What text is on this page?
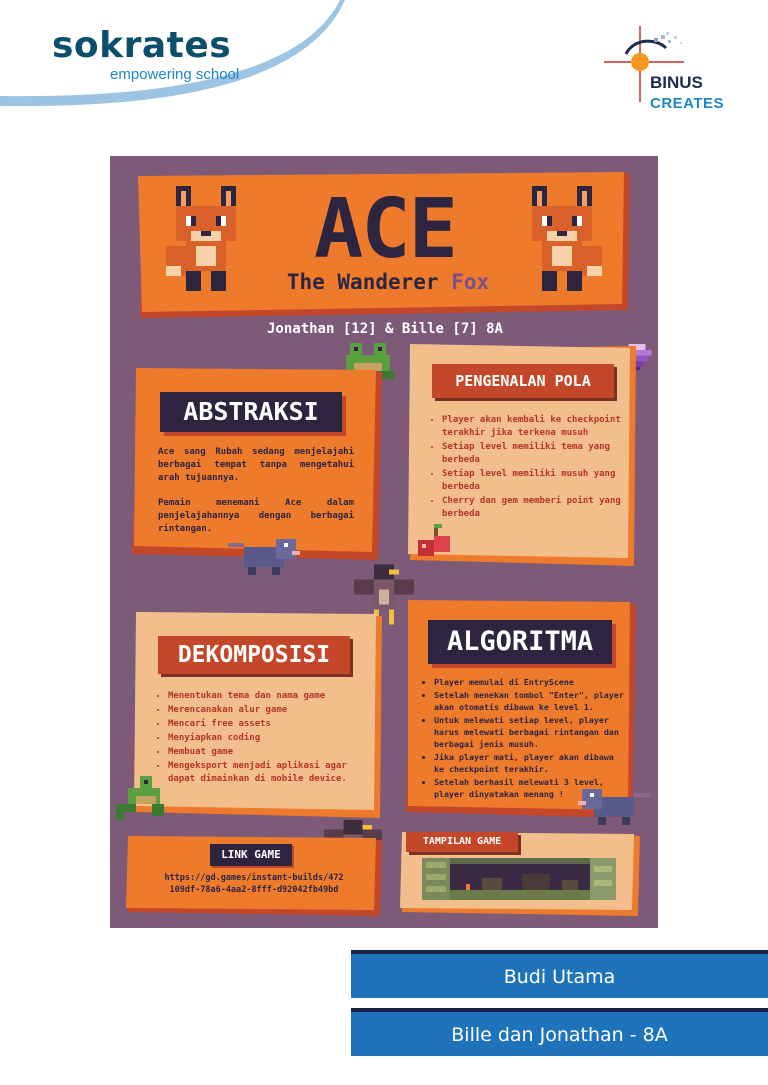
sokrates
empowering school	BINUS
CREATES
ACE
The Wanderer Fox
Jonathan [12] & Bille [7] 8A
ABSTRAKSI

Ace sang Rubah sedang menjelajahi berbagai tempat tanpa mengetahui arah tujuannya.

Pemain menemani Ace dalam penjelajahannya dengan berbagai rintangan.

PENGENALAN POLA
• Player akan kembali ke checkpoint terakhir jika terkena musuh
• Setiap level memiliki tema yang berbeda
• Setiap level memiliki musuh yang berbeda
• Cherry dan gem memberi point yang berbeda
DEKOMPOSISI
• Menentukan tema dan nama game
• Merencanakan alur game
• Mencari free assets
• Menyiapkan coding
• Membuat game
• Mengeksport menjadi aplikasi agar dapat dimainkan di mobile device.
ALGORITMA
• Player memulai di EntryScene
• Setelah menekan tombol "Enter", player akan otomatis dibawa ke level 1.
• Untuk melewati setiap level, player harus melewati berbagai rintangan dan berbagai jenis musuh.
• Jika player mati, player akan dibawa ke checkpoint terakhir.
• Setelah berhasil melewati 3 level, player dinyatakan menang !
LINK GAME
https://gd.games/instant-builds/472109df-78a6-4aa2-8fff-d92042fb49bd
TAMPILAN GAME
Budi Utama
Bille dan Jonathan - 8A
